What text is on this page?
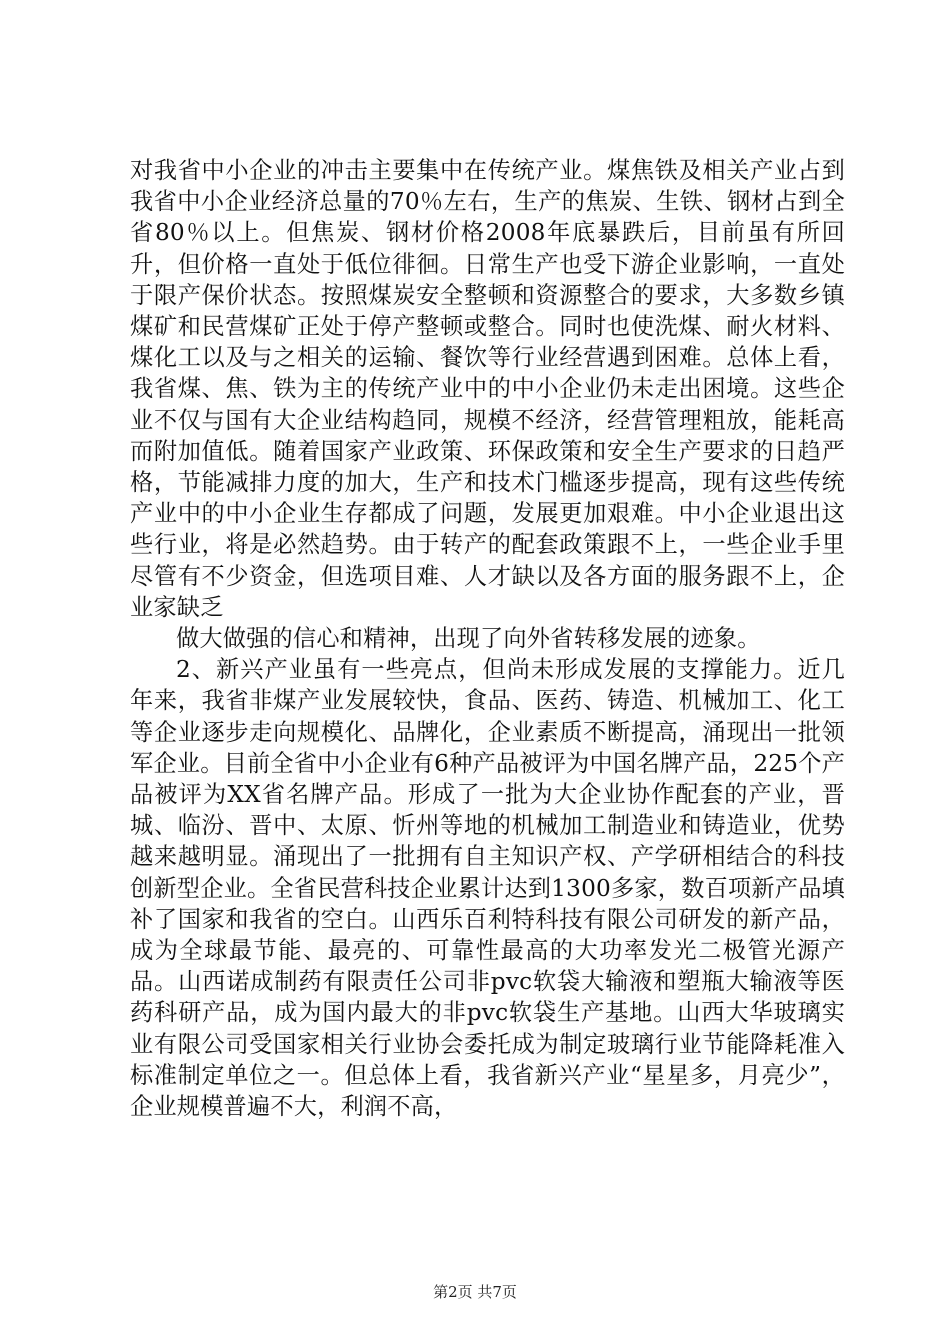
对我省中小企业的冲击主要集中在传统产业。煤焦铁及相关产业占到我省中小企业经济总量的70％左右，生产的焦炭、生铁、钢材占到全省80％以上。但焦炭、钢材价格2008年底暴跌后，目前虽有所回升，但价格一直处于低位徘徊。日常生产也受下游企业影响，一直处于限产保价状态。按照煤炭安全整顿和资源整合的要求，大多数乡镇煤矿和民营煤矿正处于停产整顿或整合。同时也使洗煤、耐火材料、煤化工以及与之相关的运输、餐饮等行业经营遇到困难。总体上看，我省煤、焦、铁为主的传统产业中的中小企业仍未走出困境。这些企业不仅与国有大企业结构趋同，规模不经济，经营管理粗放，能耗高而附加值低。随着国家产业政策、环保政策和安全生产要求的日趋严格，节能减排力度的加大，生产和技术门槛逐步提高，现有这些传统产业中的中小企业生存都成了问题，发展更加艰难。中小企业退出这些行业，将是必然趋势。由于转产的配套政策跟不上，一些企业手里尽管有不少资金，但选项目难、人才缺以及各方面的服务跟不上，企业家缺乏

做大做强的信心和精神，出现了向外省转移发展的迹象。

2、新兴产业虽有一些亮点，但尚未形成发展的支撑能力。近几年来，我省非煤产业发展较快，食品、医药、铸造、机械加工、化工等企业逐步走向规模化、品牌化，企业素质不断提高，涌现出一批领军企业。目前全省中小企业有6种产品被评为中国名牌产品，225个产品被评为XX省名牌产品。形成了一批为大企业协作配套的产业，晋城、临汾、晋中、太原、忻州等地的机械加工制造业和铸造业，优势越来越明显。涌现出了一批拥有自主知识产权、产学研相结合的科技创新型企业。全省民营科技企业累计达到1300多家，数百项新产品填补了国家和我省的空白。山西乐百利特科技有限公司研发的新产品，成为全球最节能、最亮的、可靠性最高的大功率发光二极管光源产品。山西诺成制药有限责任公司非pvc软袋大输液和塑瓶大输液等医药科研产品，成为国内最大的非pvc软袋生产基地。山西大华玻璃实业有限公司受国家相关行业协会委托成为制定玻璃行业节能降耗准入标准制定单位之一。但总体上看，我省新兴产业“星星多，月亮少”，企业规模普遍不大，利润不高，

第2页 共7页
